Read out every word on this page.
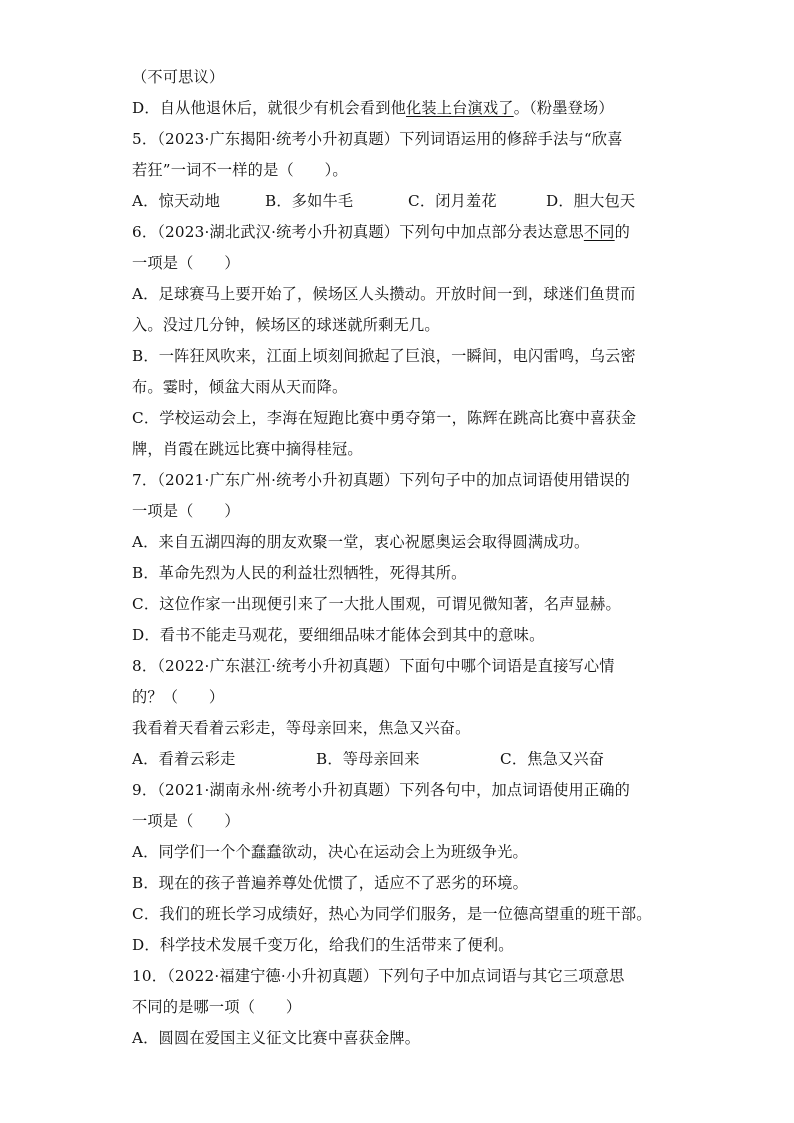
（不可思议）
D．自从他退休后，就很少有机会看到他化装上台演戏了。（粉墨登场）
5．（2023·广东揭阳·统考小升初真题）下列词语运用的修辞手法与“欣喜
若狂”一词不一样的是（　　）。
A．惊天动地	B．多如牛毛	C．闭月羞花	D．胆大包天
6．（2023·湖北武汉·统考小升初真题）下列句中加点部分表达意思不同的
一项是（　　）
A．足球赛马上要开始了，候场区人头攒动。开放时间一到，球迷们鱼贯而
入。没过几分钟，候场区的球迷就所剩无几。
B．一阵狂风吹来，江面上顷刻间掀起了巨浪，一瞬间，电闪雷鸣，乌云密
布。霎时，倾盆大雨从天而降。
C．学校运动会上，李海在短跑比赛中勇夺第一，陈辉在跳高比赛中喜获金
牌，肖霞在跳远比赛中摘得桂冠。
7．（2021·广东广州·统考小升初真题）下列句子中的加点词语使用错误的
一项是（　　）
A．来自五湖四海的朋友欢聚一堂，衷心祝愿奥运会取得圆满成功。
B．革命先烈为人民的利益壮烈牺牲，死得其所。
C．这位作家一出现便引来了一大批人围观，可谓见微知著，名声显赫。
D．看书不能走马观花，要细细品味才能体会到其中的意味。
8．（2022·广东湛江·统考小升初真题）下面句中哪个词语是直接写心情
的？（　　）
我看着天看着云彩走，等母亲回来，焦急又兴奋。
A．看着云彩走	B．等母亲回来	C．焦急又兴奋
9．（2021·湖南永州·统考小升初真题）下列各句中，加点词语使用正确的
一项是（　　）
A．同学们一个个蠢蠢欲动，决心在运动会上为班级争光。
B．现在的孩子普遍养尊处优惯了，适应不了恶劣的环境。
C．我们的班长学习成绩好，热心为同学们服务，是一位德高望重的班干部。
D．科学技术发展千变万化，给我们的生活带来了便利。
10．（2022·福建宁德·小升初真题）下列句子中加点词语与其它三项意思
不同的是哪一项（　　）
A．圆圆在爱国主义征文比赛中喜获金牌。
